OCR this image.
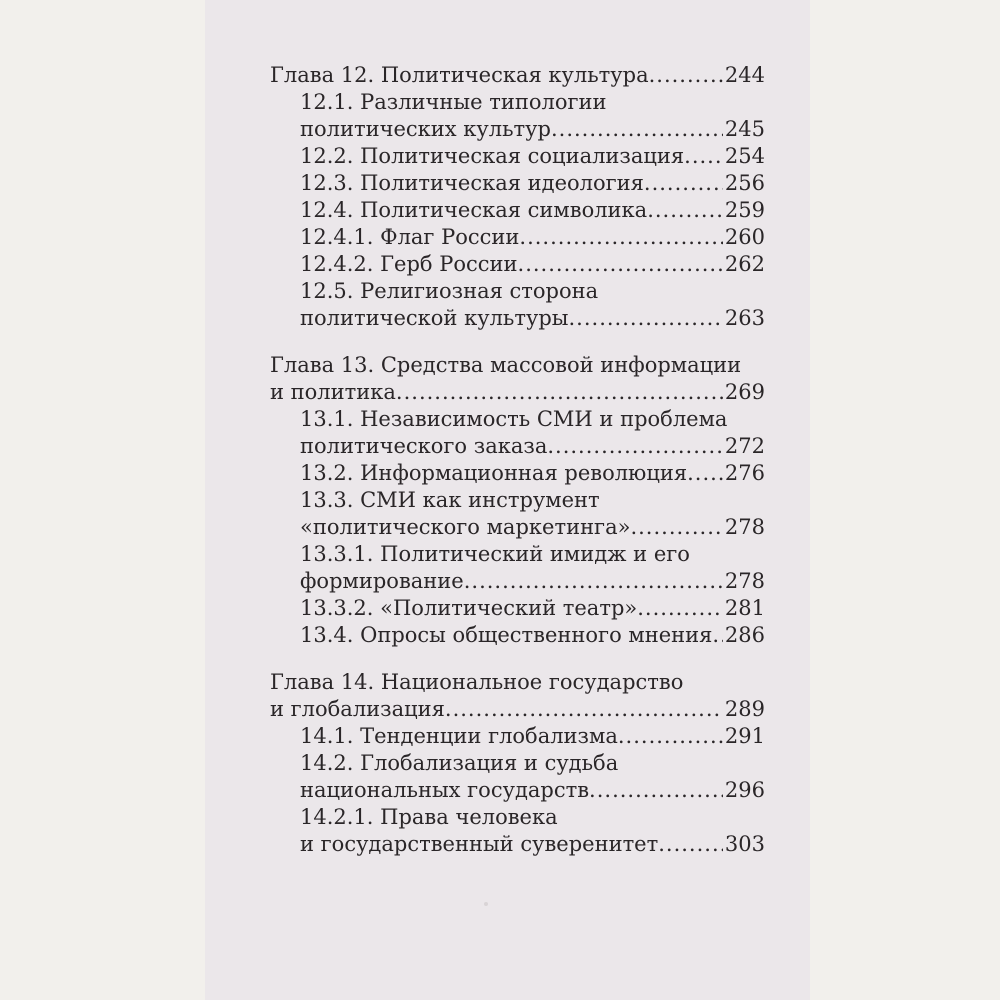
Глава 12. Политическая культура .....	244
12.1. Различные типологии
политических культур .....	245
12.2. Политическая социализация ..... 254
12.3. Политическая идеология .....	256
12.4. Политическая символика .....	259
12.4.1. Флаг России .....	260
12.4.2. Герб России .....	262
12.5. Религиозная сторона
политической культуры .....	263
Глава 13. Средства массовой информации
и политика .....	269
13.1. Независимость СМИ и проблема
политического заказа .....	272
13.2. Информационная революция ..... 276
13.3. СМИ как инструмент
«политического маркетинга» .....	278
13.3.1. Политический имидж и его
формирование .....	278
13.3.2. «Политический театр» .....	281
13.4. Опросы общественного мнения ..... 286
Глава 14. Национальное государство
и глобализация .....	289
14.1. Тенденции глобализма .....	291
14.2. Глобализация и судьба
национальных государств .....	296
14.2.1. Права человека
и государственный суверенитет .....	303
